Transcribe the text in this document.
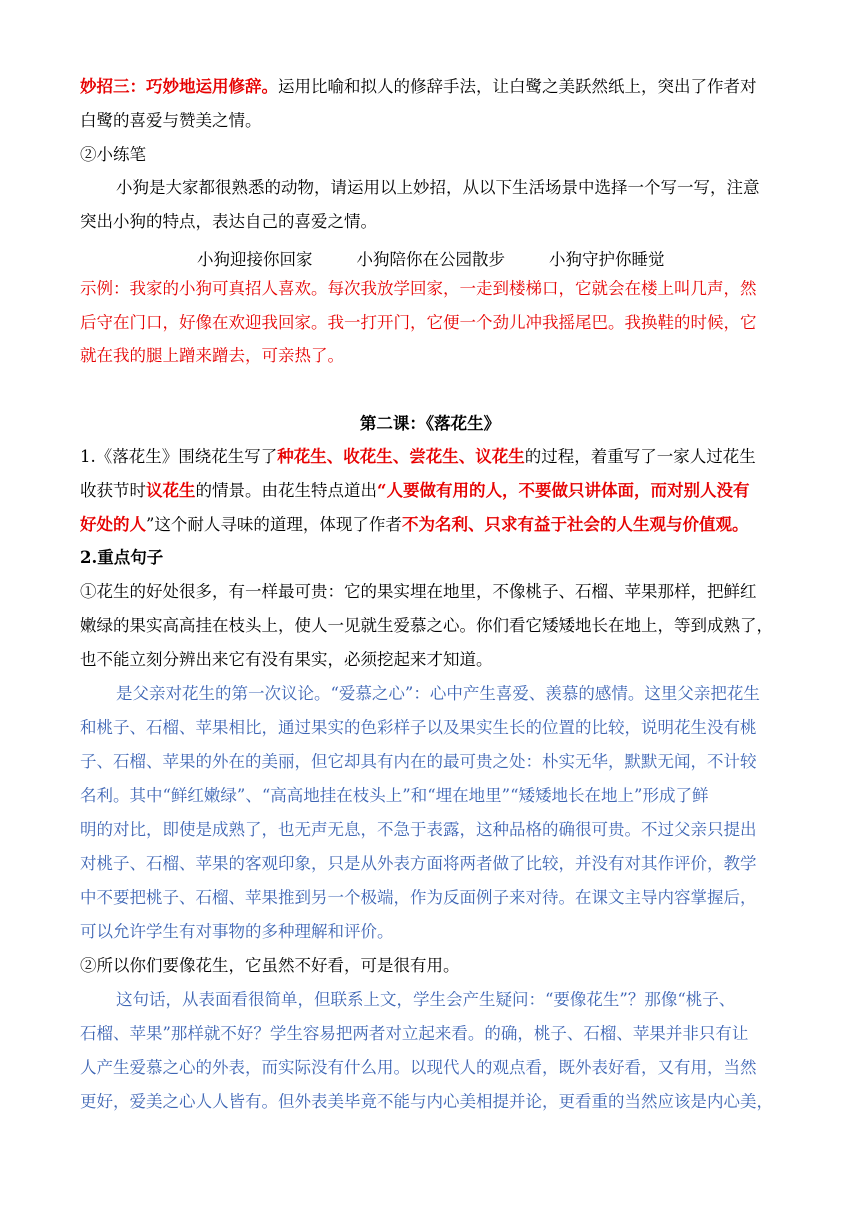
妙招三：巧妙地运用修辞。运用比喻和拟人的修辞手法，让白鹭之美跃然纸上，突出了作者对
白鹭的喜爱与赞美之情。
②小练笔
小狗是大家都很熟悉的动物，请运用以上妙招，从以下生活场景中选择一个写一写，注意
突出小狗的特点，表达自己的喜爱之情。
小狗迎接你回家	小狗陪你在公园散步	小狗守护你睡觉
示例：我家的小狗可真招人喜欢。每次我放学回家，一走到楼梯口，它就会在楼上叫几声，然
后守在门口，好像在欢迎我回家。我一打开门，它便一个劲儿冲我摇尾巴。我换鞋的时候，它
就在我的腿上蹭来蹭去，可亲热了。
第二课：《落花生》
1.《落花生》围绕花生写了种花生、收花生、尝花生、议花生的过程，着重写了一家人过花生
收获节时议花生的情景。由花生特点道出“人要做有用的人，不要做只讲体面，而对别人没有
好处的人”这个耐人寻味的道理，体现了作者不为名利、只求有益于社会的人生观与价值观。
2.重点句子
①花生的好处很多，有一样最可贵：它的果实埋在地里，不像桃子、石榴、苹果那样，把鲜红
嫩绿的果实高高挂在枝头上，使人一见就生爱慕之心。你们看它矮矮地长在地上，等到成熟了，
也不能立刻分辨出来它有没有果实，必须挖起来才知道。
是父亲对花生的第一次议论。“爱慕之心”：心中产生喜爱、羡慕的感情。这里父亲把花生
和桃子、石榴、苹果相比，通过果实的色彩样子以及果实生长的位置的比较，说明花生没有桃
子、石榴、苹果的外在的美丽，但它却具有内在的最可贵之处：朴实无华，默默无闻，不计较
名利。其中“鲜红嫩绿”、“高高地挂在枝头上”和“埋在地里”“矮矮地长在地上”形成了鲜
明的对比，即使是成熟了，也无声无息，不急于表露，这种品格的确很可贵。不过父亲只提出
对桃子、石榴、苹果的客观印象，只是从外表方面将两者做了比较，并没有对其作评价，教学
中不要把桃子、石榴、苹果推到另一个极端，作为反面例子来对待。在课文主导内容掌握后，
可以允许学生有对事物的多种理解和评价。
②所以你们要像花生，它虽然不好看，可是很有用。
这句话，从表面看很简单，但联系上文，学生会产生疑问：“要像花生”？那像“桃子、
石榴、苹果”那样就不好？学生容易把两者对立起来看。的确，桃子、石榴、苹果并非只有让
人产生爱慕之心的外表，而实际没有什么用。以现代人的观点看，既外表好看，又有用，当然
更好，爱美之心人人皆有。但外表美毕竟不能与内心美相提并论，更看重的当然应该是内心美，
